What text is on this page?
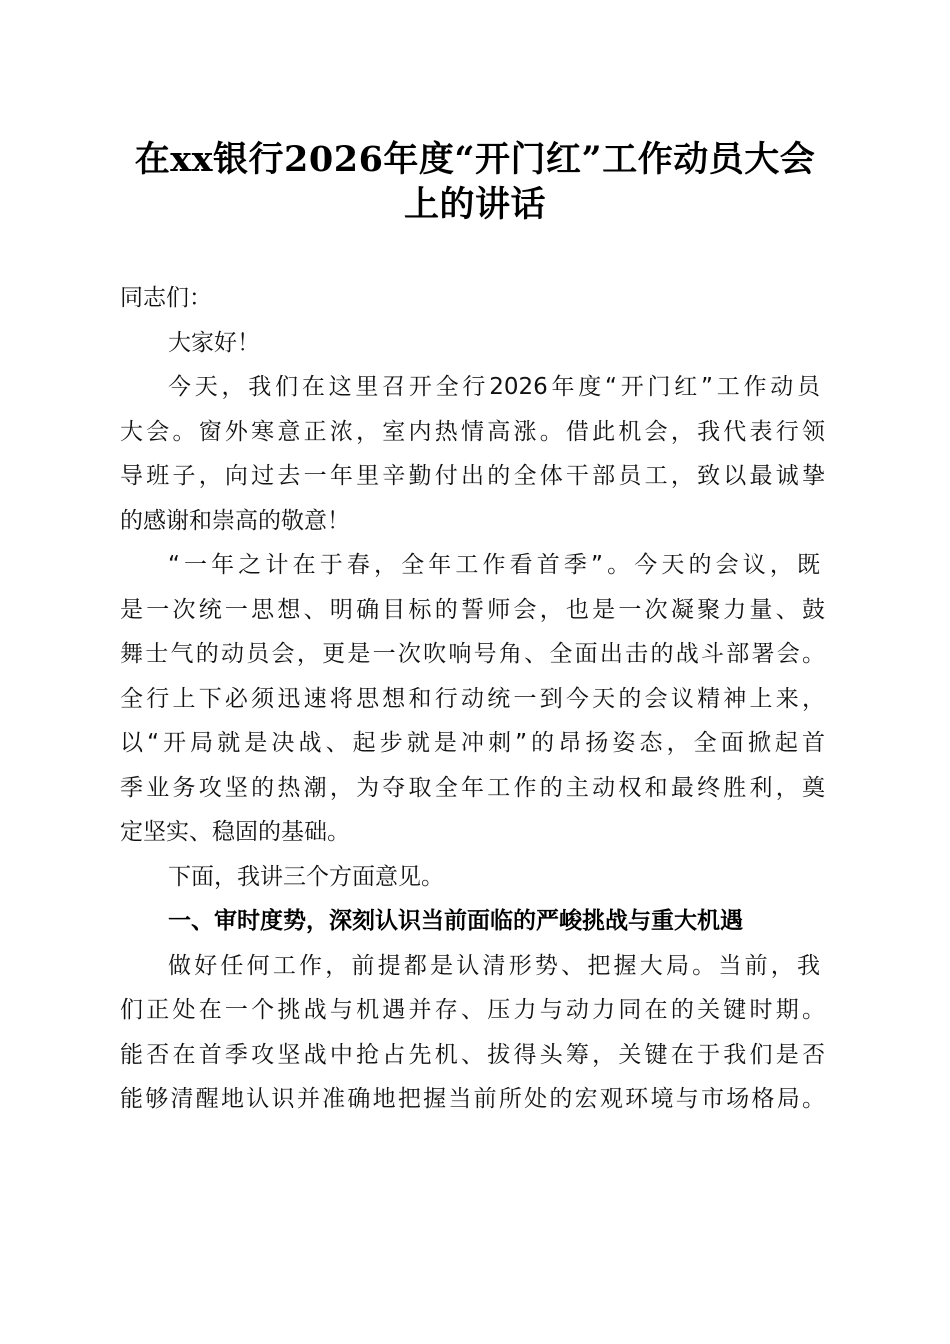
在xx银行2026年度“开门红”工作动员大会
上的讲话
同志们：
大家好！
今天，我们在这里召开全行2026年度“开门红”工作动员
大会。窗外寒意正浓，室内热情高涨。借此机会，我代表行领
导班子，向过去一年里辛勤付出的全体干部员工，致以最诚挚
的感谢和崇高的敬意！
“一年之计在于春，全年工作看首季”。今天的会议，既
是一次统一思想、明确目标的誓师会，也是一次凝聚力量、鼓
舞士气的动员会，更是一次吹响号角、全面出击的战斗部署会。
全行上下必须迅速将思想和行动统一到今天的会议精神上来，
以“开局就是决战、起步就是冲刺”的昂扬姿态，全面掀起首
季业务攻坚的热潮，为夺取全年工作的主动权和最终胜利，奠
定坚实、稳固的基础。
下面，我讲三个方面意见。
一、审时度势，深刻认识当前面临的严峻挑战与重大机遇
做好任何工作，前提都是认清形势、把握大局。当前，我
们正处在一个挑战与机遇并存、压力与动力同在的关键时期。
能否在首季攻坚战中抢占先机、拔得头筹，关键在于我们是否
能够清醒地认识并准确地把握当前所处的宏观环境与市场格局。
